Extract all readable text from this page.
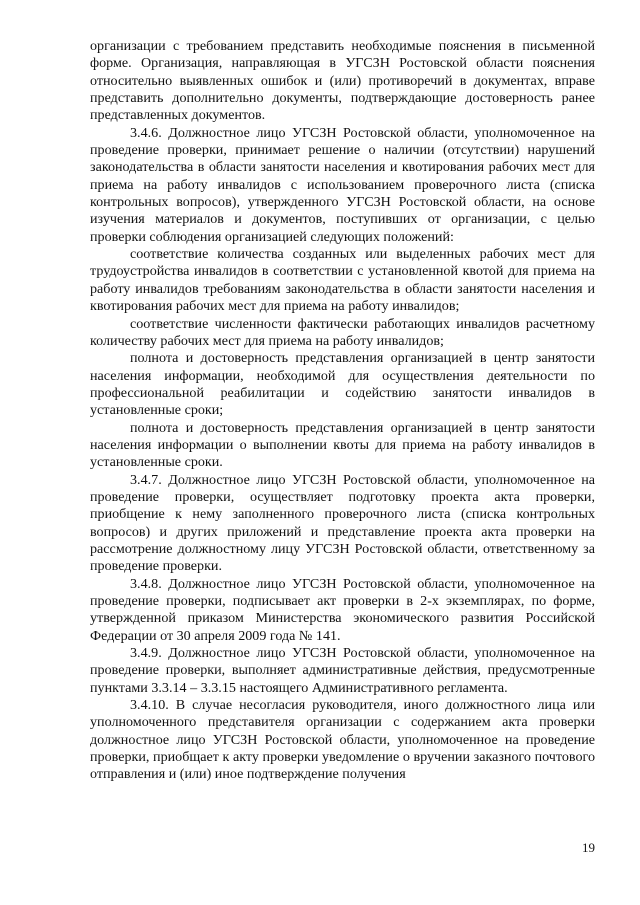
организации с требованием представить необходимые пояснения в письменной форме. Организация, направляющая в УГСЗН Ростовской области пояснения относительно выявленных ошибок и (или) противоречий в документах, вправе представить дополнительно документы, подтверждающие достоверность ранее представленных документов.

3.4.6. Должностное лицо УГСЗН Ростовской области, уполномоченное на проведение проверки, принимает решение о наличии (отсутствии) нарушений законодательства в области занятости населения и квотирования рабочих мест для приема на работу инвалидов с использованием проверочного листа (списка контрольных вопросов), утвержденного УГСЗН Ростовской области, на основе изучения материалов и документов, поступивших от организации, с целью проверки соблюдения организацией следующих положений:

соответствие количества созданных или выделенных рабочих мест для трудоустройства инвалидов в соответствии с установленной квотой для приема на работу инвалидов требованиям законодательства в области занятости населения и квотирования рабочих мест для приема на работу инвалидов;

соответствие численности фактически работающих инвалидов расчетному количеству рабочих мест для приема на работу инвалидов;

полнота и достоверность представления организацией в центр занятости населения информации, необходимой для осуществления деятельности по профессиональной реабилитации и содействию занятости инвалидов в установленные сроки;

полнота и достоверность представления организацией в центр занятости населения информации о выполнении квоты для приема на работу инвалидов в установленные сроки.

3.4.7. Должностное лицо УГСЗН Ростовской области, уполномоченное на проведение проверки, осуществляет подготовку проекта акта проверки, приобщение к нему заполненного проверочного листа (списка контрольных вопросов) и других приложений и представление проекта акта проверки на рассмотрение должностному лицу УГСЗН Ростовской области, ответственному за проведение проверки.

3.4.8. Должностное лицо УГСЗН Ростовской области, уполномоченное на проведение проверки, подписывает акт проверки в 2-х экземплярах, по форме, утвержденной приказом Министерства экономического развития Российской Федерации от 30 апреля 2009 года № 141.

3.4.9. Должностное лицо УГСЗН Ростовской области, уполномоченное на проведение проверки, выполняет административные действия, предусмотренные пунктами 3.3.14 – 3.3.15 настоящего Административного регламента.

3.4.10. В случае несогласия руководителя, иного должностного лица или уполномоченного представителя организации с содержанием акта проверки должностное лицо УГСЗН Ростовской области, уполномоченное на проведение проверки, приобщает к акту проверки уведомление о вручении заказного почтового отправления и (или) иное подтверждение получения

19
